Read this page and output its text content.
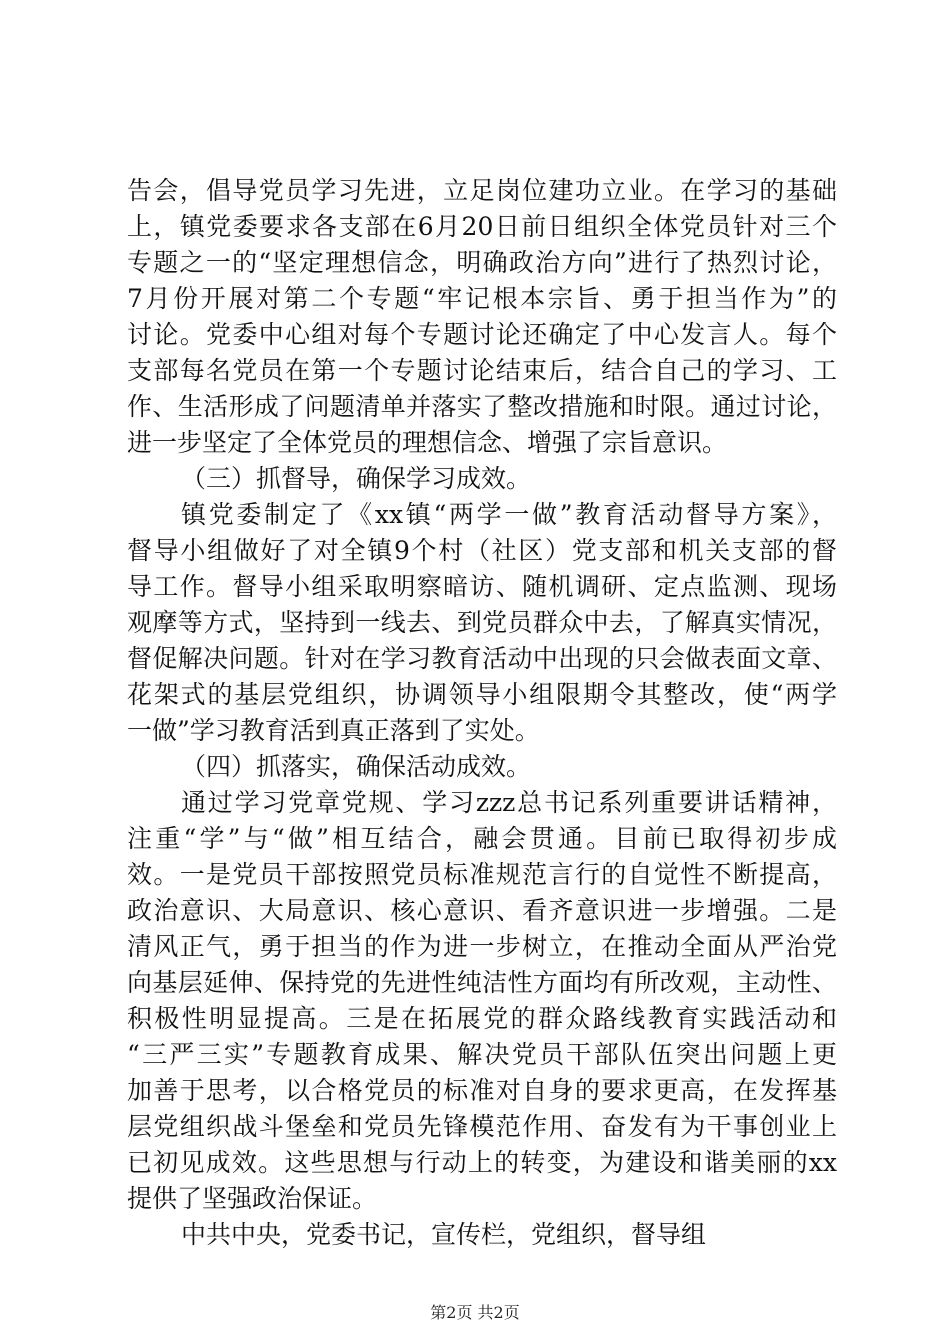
告会，倡导党员学习先进，立足岗位建功立业。在学习的基础
上，镇党委要求各支部在6月20日前日组织全体党员针对三个
专题之一的“坚定理想信念，明确政治方向”进行了热烈讨论，
7月份开展对第二个专题“牢记根本宗旨、勇于担当作为”的
讨论。党委中心组对每个专题讨论还确定了中心发言人。每个
支部每名党员在第一个专题讨论结束后，结合自己的学习、工
作、生活形成了问题清单并落实了整改措施和时限。通过讨论，
进一步坚定了全体党员的理想信念、增强了宗旨意识。
（三）抓督导，确保学习成效。
镇党委制定了《xx镇“两学一做”教育活动督导方案》，
督导小组做好了对全镇9个村（社区）党支部和机关支部的督
导工作。督导小组采取明察暗访、随机调研、定点监测、现场
观摩等方式，坚持到一线去、到党员群众中去，了解真实情况，
督促解决问题。针对在学习教育活动中出现的只会做表面文章、
花架式的基层党组织，协调领导小组限期令其整改，使“两学
一做”学习教育活到真正落到了实处。
（四）抓落实，确保活动成效。
通过学习党章党规、学习zzz总书记系列重要讲话精神，
注重“学”与“做”相互结合，融会贯通。目前已取得初步成
效。一是党员干部按照党员标准规范言行的自觉性不断提高，
政治意识、大局意识、核心意识、看齐意识进一步增强。二是
清风正气，勇于担当的作为进一步树立，在推动全面从严治党
向基层延伸、保持党的先进性纯洁性方面均有所改观，主动性、
积极性明显提高。三是在拓展党的群众路线教育实践活动和
“三严三实”专题教育成果、解决党员干部队伍突出问题上更
加善于思考，以合格党员的标准对自身的要求更高，在发挥基
层党组织战斗堡垒和党员先锋模范作用、奋发有为干事创业上
已初见成效。这些思想与行动上的转变，为建设和谐美丽的xx
提供了坚强政治保证。
中共中央，党委书记，宣传栏，党组织，督导组
第2页 共2页
